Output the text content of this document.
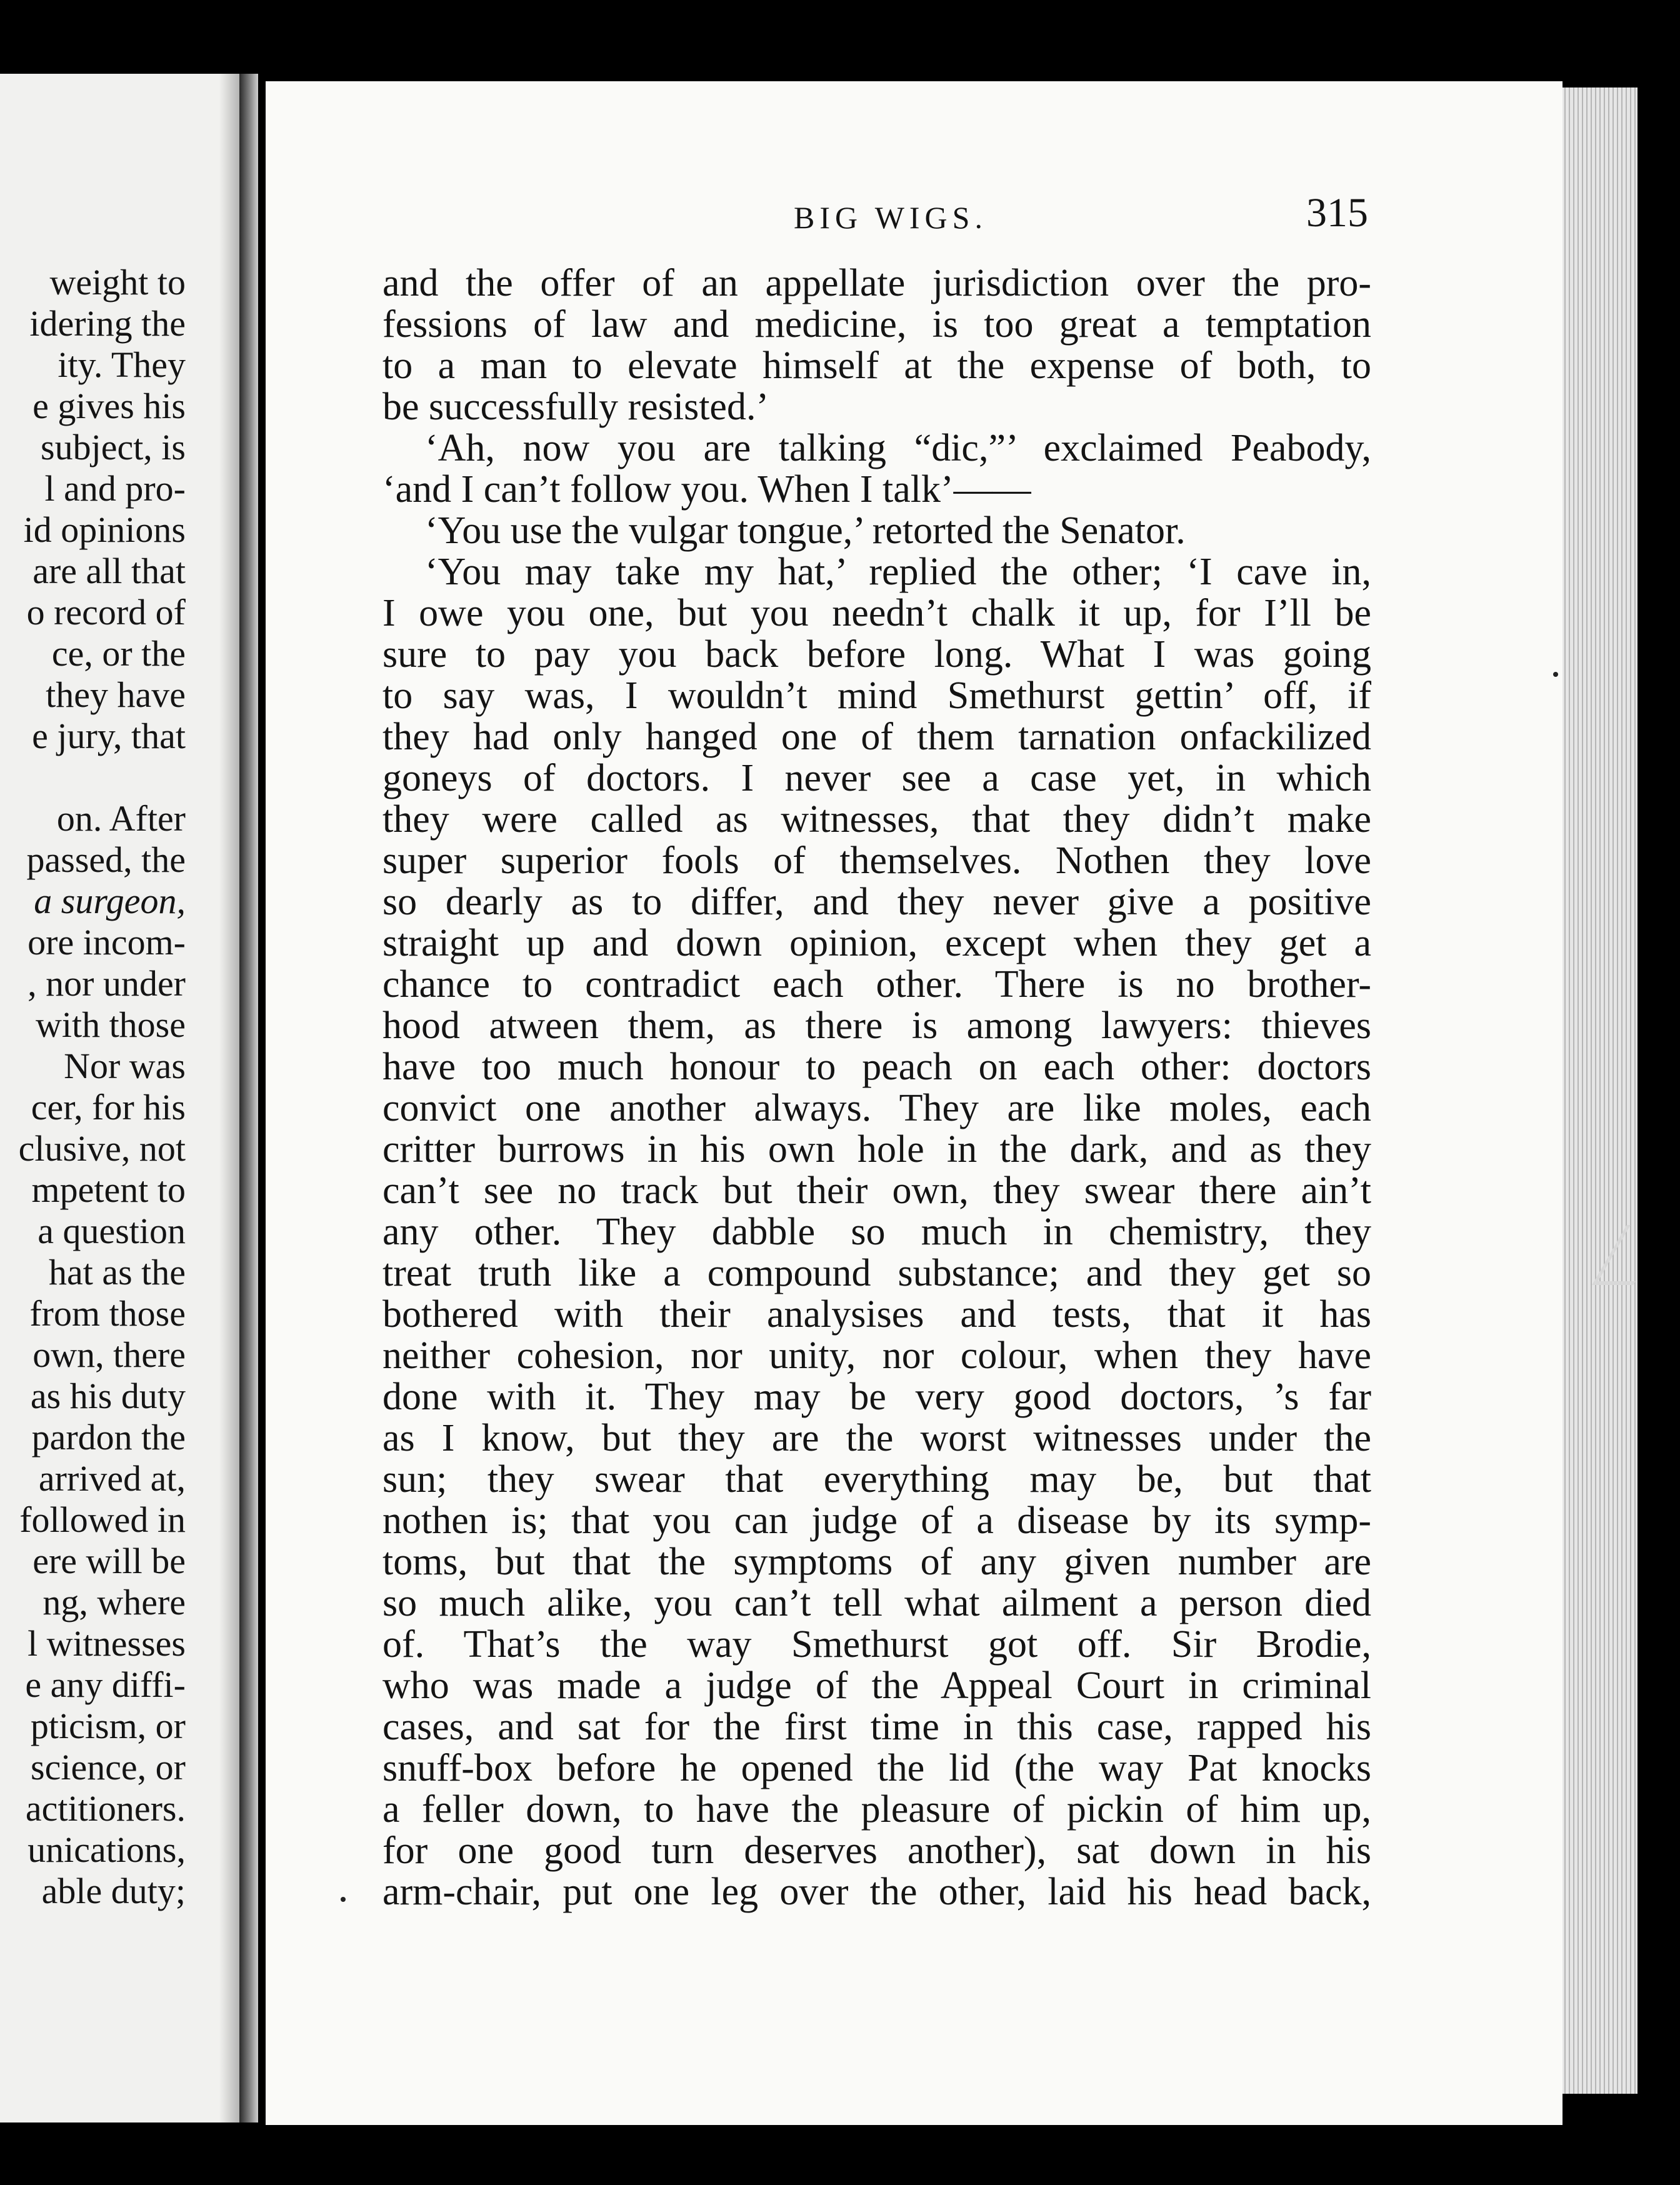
weight to
idering the
ity. They
e gives his
subject, is
l and pro-
id opinions
are all that
o record of
ce, or the
they have
e jury, that
on. After
passed, the
a surgeon,
ore incom-
, nor under
with those
Nor was
cer, for his
clusive, not
mpetent to
a question
hat as the
from those
own, there
as his duty
pardon the
arrived at,
followed in
ere will be
ng, where
l witnesses
e any diffi-
pticism, or
science, or
actitioners.
unications,
able duty;
BIG WIGS.	315
and the offer of an appellate jurisdiction over the pro-
fessions of law and medicine, is too great a temptation
to a man to elevate himself at the expense of both, to
be successfully resisted.’
‘Ah, now you are talking “dic,”’ exclaimed Peabody,
‘and I can’t follow you. When I talk’——
‘You use the vulgar tongue,’ retorted the Senator.
‘You may take my hat,’ replied the other; ‘I cave in,
I owe you one, but you needn’t chalk it up, for I’ll be
sure to pay you back before long. What I was going
to say was, I wouldn’t mind Smethurst gettin’ off, if
they had only hanged one of them tarnation onfackilized
goneys of doctors. I never see a case yet, in which
they were called as witnesses, that they didn’t make
super superior fools of themselves. Nothen they love
so dearly as to differ, and they never give a positive
straight up and down opinion, except when they get a
chance to contradict each other. There is no brother-
hood atween them, as there is among lawyers: thieves
have too much honour to peach on each other: doctors
convict one another always. They are like moles, each
critter burrows in his own hole in the dark, and as they
can’t see no track but their own, they swear there ain’t
any other. They dabble so much in chemistry, they
treat truth like a compound substance; and they get so
bothered with their analysises and tests, that it has
neither cohesion, nor unity, nor colour, when they have
done with it. They may be very good doctors, ’s far
as I know, but they are the worst witnesses under the
sun; they swear that everything may be, but that
nothen is; that you can judge of a disease by its symp-
toms, but that the symptoms of any given number are
so much alike, you can’t tell what ailment a person died
of. That’s the way Smethurst got off. Sir Brodie,
who was made a judge of the Appeal Court in criminal
cases, and sat for the first time in this case, rapped his
snuff-box before he opened the lid (the way Pat knocks
a feller down, to have the pleasure of pickin of him up,
for one good turn deserves another), sat down in his
arm-chair, put one leg over the other, laid his head back,
